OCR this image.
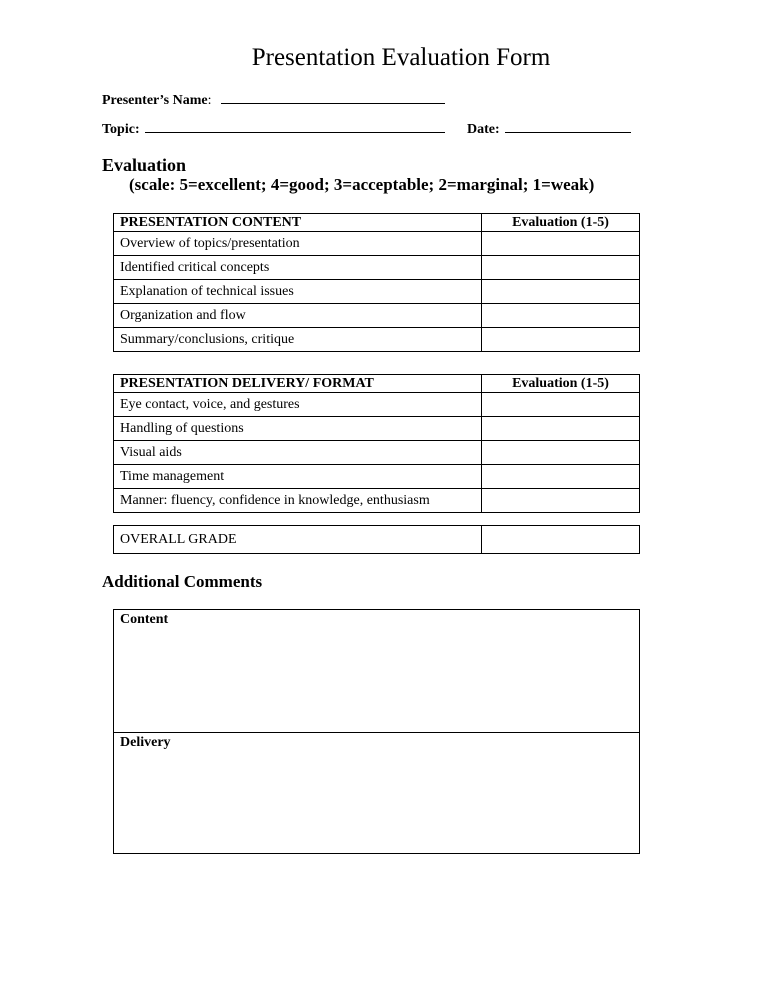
Presentation Evaluation Form
Presenter’s Name:
Topic:	Date:
Evaluation
(scale: 5=excellent; 4=good; 3=acceptable; 2=marginal; 1=weak)
PRESENTATION CONTENT	Evaluation (1-5)
Overview of topics/presentation	
Identified critical concepts	
Explanation of technical issues	
Organization and flow	
Summary/conclusions, critique	
PRESENTATION DELIVERY/ FORMAT	Evaluation (1-5)
Eye contact, voice, and gestures	
Handling of questions	
Visual aids	
Time management	
Manner: fluency, confidence in knowledge, enthusiasm	
OVERALL GRADE	
Additional Comments
Content
Delivery
